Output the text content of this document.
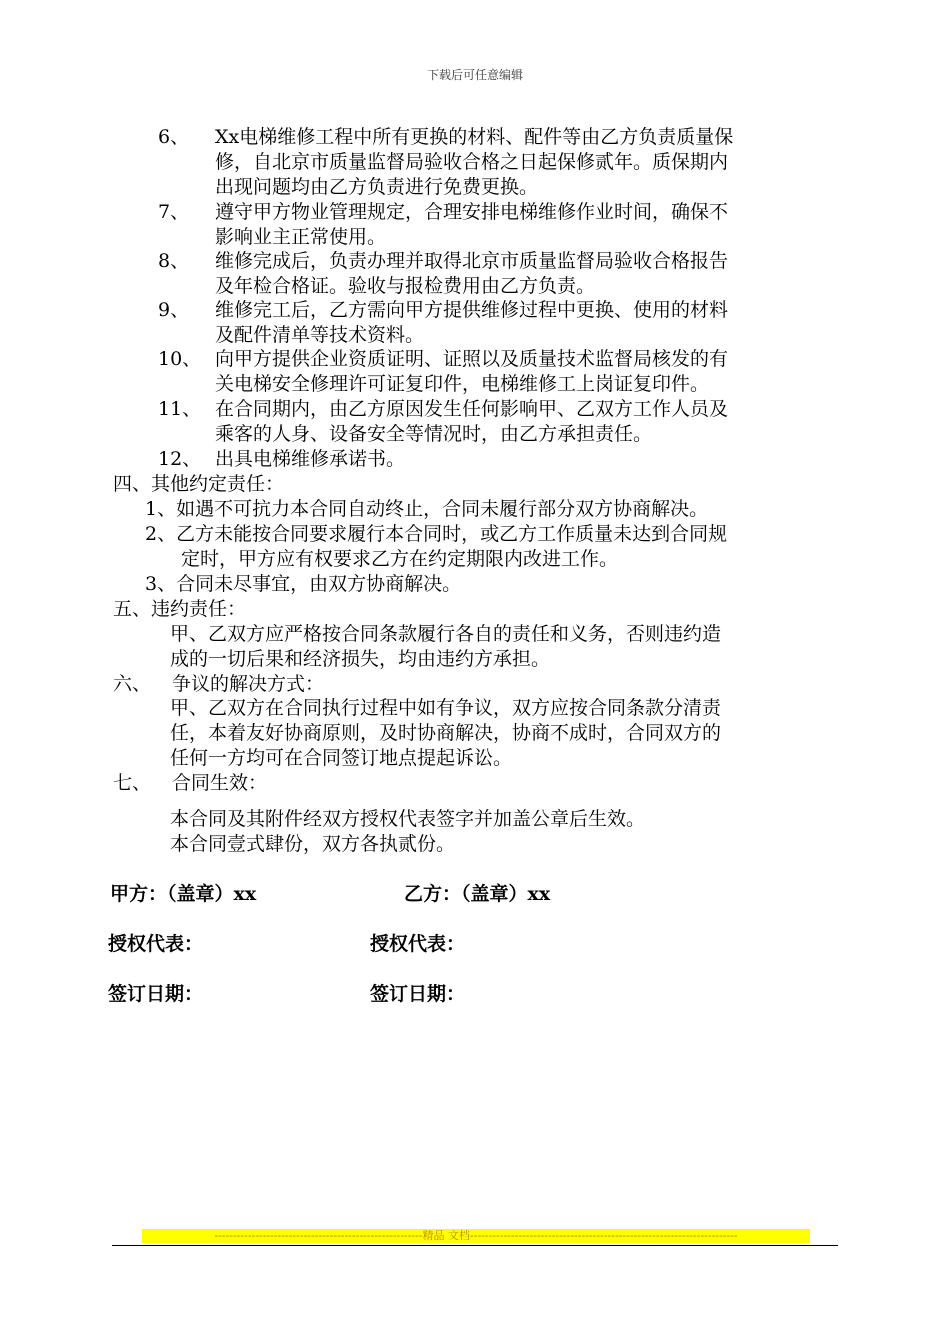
下载后可任意编辑
6、 Xx电梯维修工程中所有更换的材料、配件等由乙方负责质量保
修，自北京市质量监督局验收合格之日起保修贰年。质保期内
出现问题均由乙方负责进行免费更换。
7、 遵守甲方物业管理规定，合理安排电梯维修作业时间，确保不
影响业主正常使用。
8、 维修完成后，负责办理并取得北京市质量监督局验收合格报告
及年检合格证。验收与报检费用由乙方负责。
9、 维修完工后，乙方需向甲方提供维修过程中更换、使用的材料
及配件清单等技术资料。
10、 向甲方提供企业资质证明、证照以及质量技术监督局核发的有
关电梯安全修理许可证复印件，电梯维修工上岗证复印件。
11、 在合同期内，由乙方原因发生任何影响甲、乙双方工作人员及
乘客的人身、设备安全等情况时，由乙方承担责任。
12、 出具电梯维修承诺书。
四、其他约定责任：
1、如遇不可抗力本合同自动终止，合同未履行部分双方协商解决。
2、乙方未能按合同要求履行本合同时，或乙方工作质量未达到合同规
定时，甲方应有权要求乙方在约定期限内改进工作。
3、合同未尽事宜，由双方协商解决。
五、违约责任：
甲、乙双方应严格按合同条款履行各自的责任和义务，否则违约造
成的一切后果和经济损失，均由违约方承担。
六、 争议的解决方式：
甲、乙双方在合同执行过程中如有争议，双方应按合同条款分清责
任，本着友好协商原则，及时协商解决，协商不成时，合同双方的
任何一方均可在合同签订地点提起诉讼。
七、 合同生效：
本合同及其附件经双方授权代表签字并加盖公章后生效。
本合同壹式肆份，双方各执贰份。
甲方：（盖章）xx	乙方：（盖章）xx
授权代表：	授权代表：
签订日期：	签订日期：
--------------------------------------------------------精品 文档------------------------------------------------------------------------
